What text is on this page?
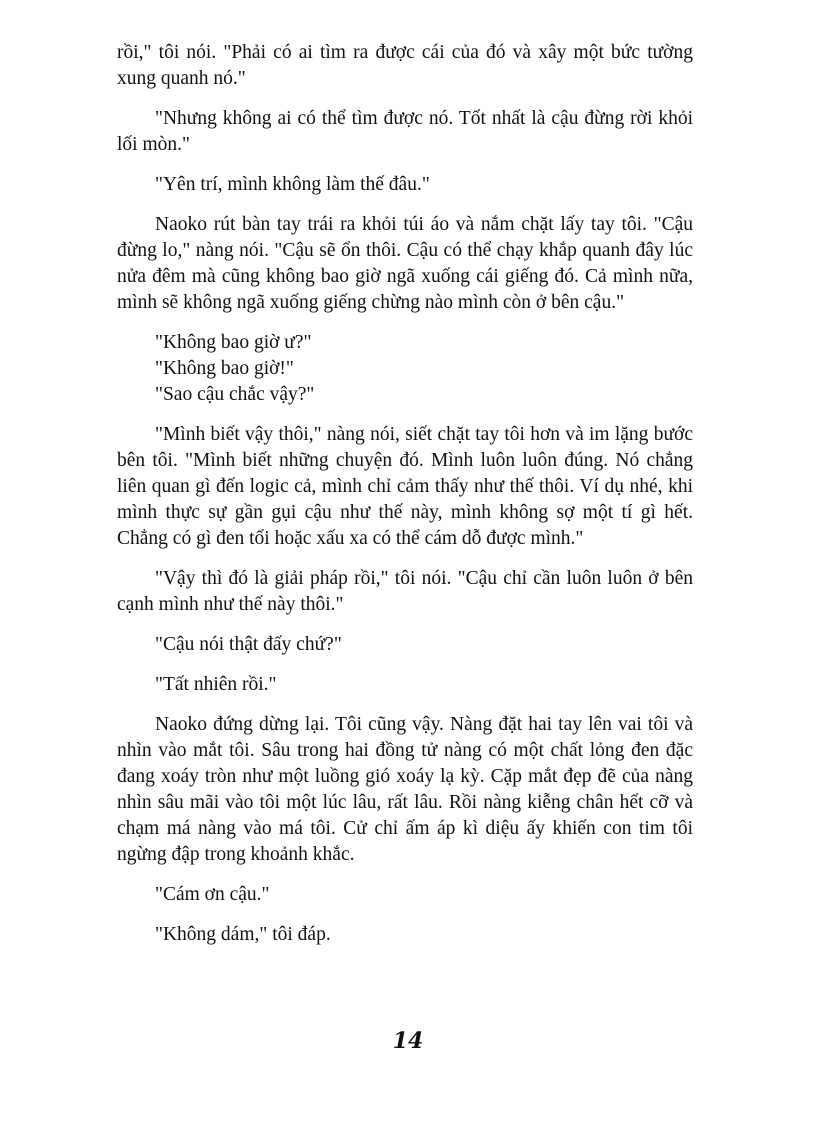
rồi," tôi nói. "Phải có ai tìm ra được cái của đó và xây một bức tường xung quanh nó."

"Nhưng không ai có thể tìm được nó. Tốt nhất là cậu đừng rời khỏi lối mòn."

"Yên trí, mình không làm thế đâu."

Naoko rút bàn tay trái ra khỏi túi áo và nắm chặt lấy tay tôi. "Cậu đừng lo," nàng nói. "Cậu sẽ ổn thôi. Cậu có thể chạy khắp quanh đây lúc nửa đêm mà cũng không bao giờ ngã xuống cái giếng đó. Cả mình nữa, mình sẽ không ngã xuống giếng chừng nào mình còn ở bên cậu."

"Không bao giờ ư?"

"Không bao giờ!"

"Sao cậu chắc vậy?"

"Mình biết vậy thôi," nàng nói, siết chặt tay tôi hơn và im lặng bước bên tôi. "Mình biết những chuyện đó. Mình luôn luôn đúng. Nó chẳng liên quan gì đến logic cả, mình chỉ cảm thấy như thế thôi. Ví dụ nhé, khi mình thực sự gần gụi cậu như thế này, mình không sợ một tí gì hết. Chẳng có gì đen tối hoặc xấu xa có thể cám dỗ được mình."

"Vậy thì đó là giải pháp rồi," tôi nói. "Cậu chỉ cần luôn luôn ở bên cạnh mình như thế này thôi."

"Cậu nói thật đấy chứ?"

"Tất nhiên rồi."

Naoko đứng dừng lại. Tôi cũng vậy. Nàng đặt hai tay lên vai tôi và nhìn vào mắt tôi. Sâu trong hai đồng tử nàng có một chất lỏng đen đặc đang xoáy tròn như một luồng gió xoáy lạ kỳ. Cặp mắt đẹp đẽ của nàng nhìn sâu mãi vào tôi một lúc lâu, rất lâu. Rồi nàng kiễng chân hết cỡ và chạm má nàng vào má tôi. Cử chỉ ấm áp kì diệu ấy khiến con tim tôi ngừng đập trong khoảnh khắc.

"Cám ơn cậu."

"Không dám," tôi đáp.

14
